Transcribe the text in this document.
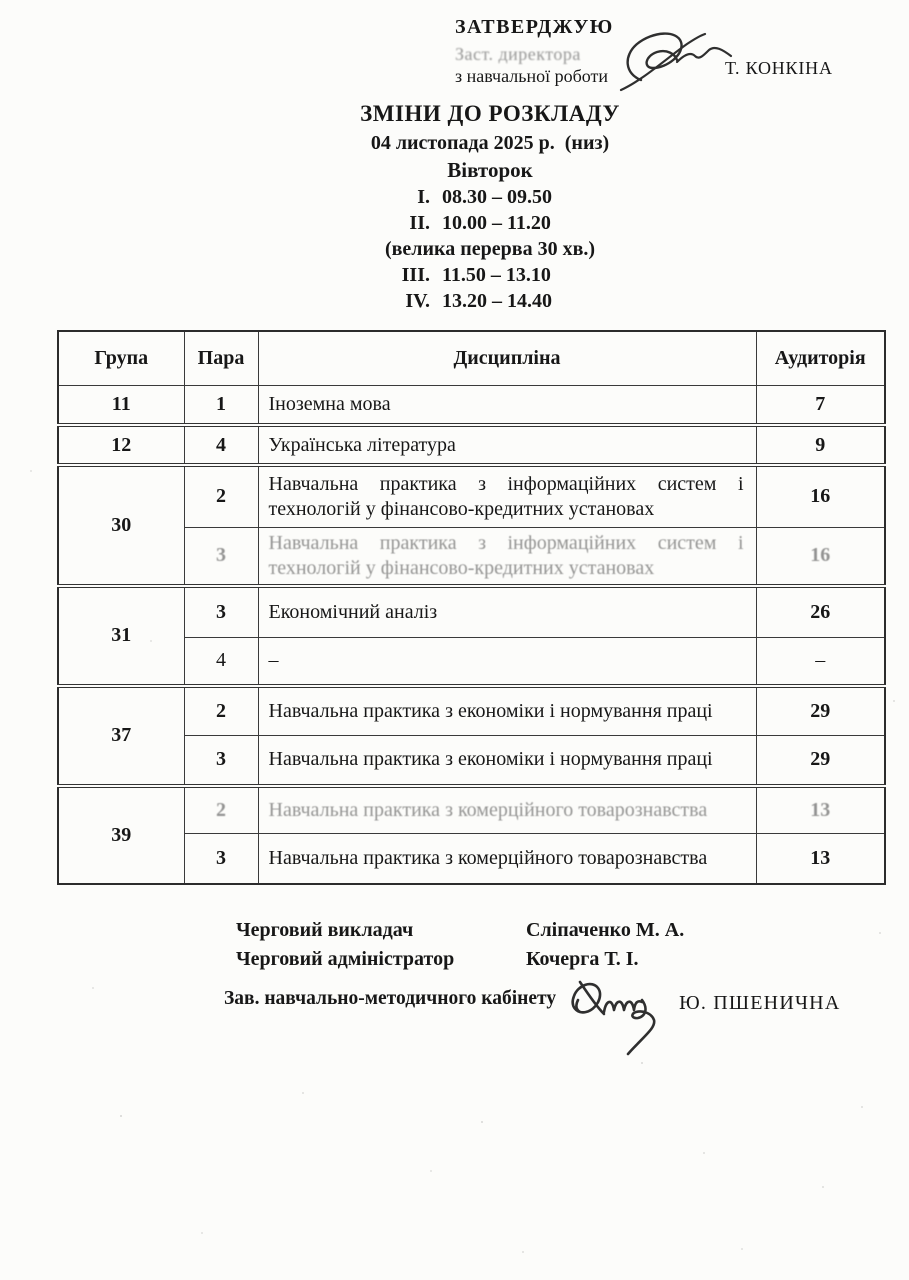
ЗАТВЕРДЖУЮ
Заст. директора
з навчальної роботи	Т. КОНКІНА
ЗМІНИ ДО РОЗКЛАДУ
04 листопада 2025 р. (низ)
Вівторок
I. 08.30 – 09.50
II. 10.00 – 11.20
(велика перерва 30 хв.)
III. 11.50 – 13.10
IV. 13.20 – 14.40
Група	Пара	Дисципліна	Аудиторія
11	1	Іноземна мова	7
12	4	Українська література	9
30	2	Навчальна практика з інформаційних систем і технологій у фінансово-кредитних установах	16
	3	Навчальна практика з інформаційних систем і технологій у фінансово-кредитних установах	16
31	3	Економічний аналіз	26
	4	–	–
37	2	Навчальна практика з економіки і нормування праці	29
	3	Навчальна практика з економіки і нормування праці	29
39	2	Навчальна практика з комерційного товарознавства	13
	3	Навчальна практика з комерційного товарознавства	13
Черговий викладач	Сліпаченко М. А.
Черговий адміністратор	Кочерга Т. І.
Зав. навчально-методичного кабінету	Ю. ПШЕНИЧНА
